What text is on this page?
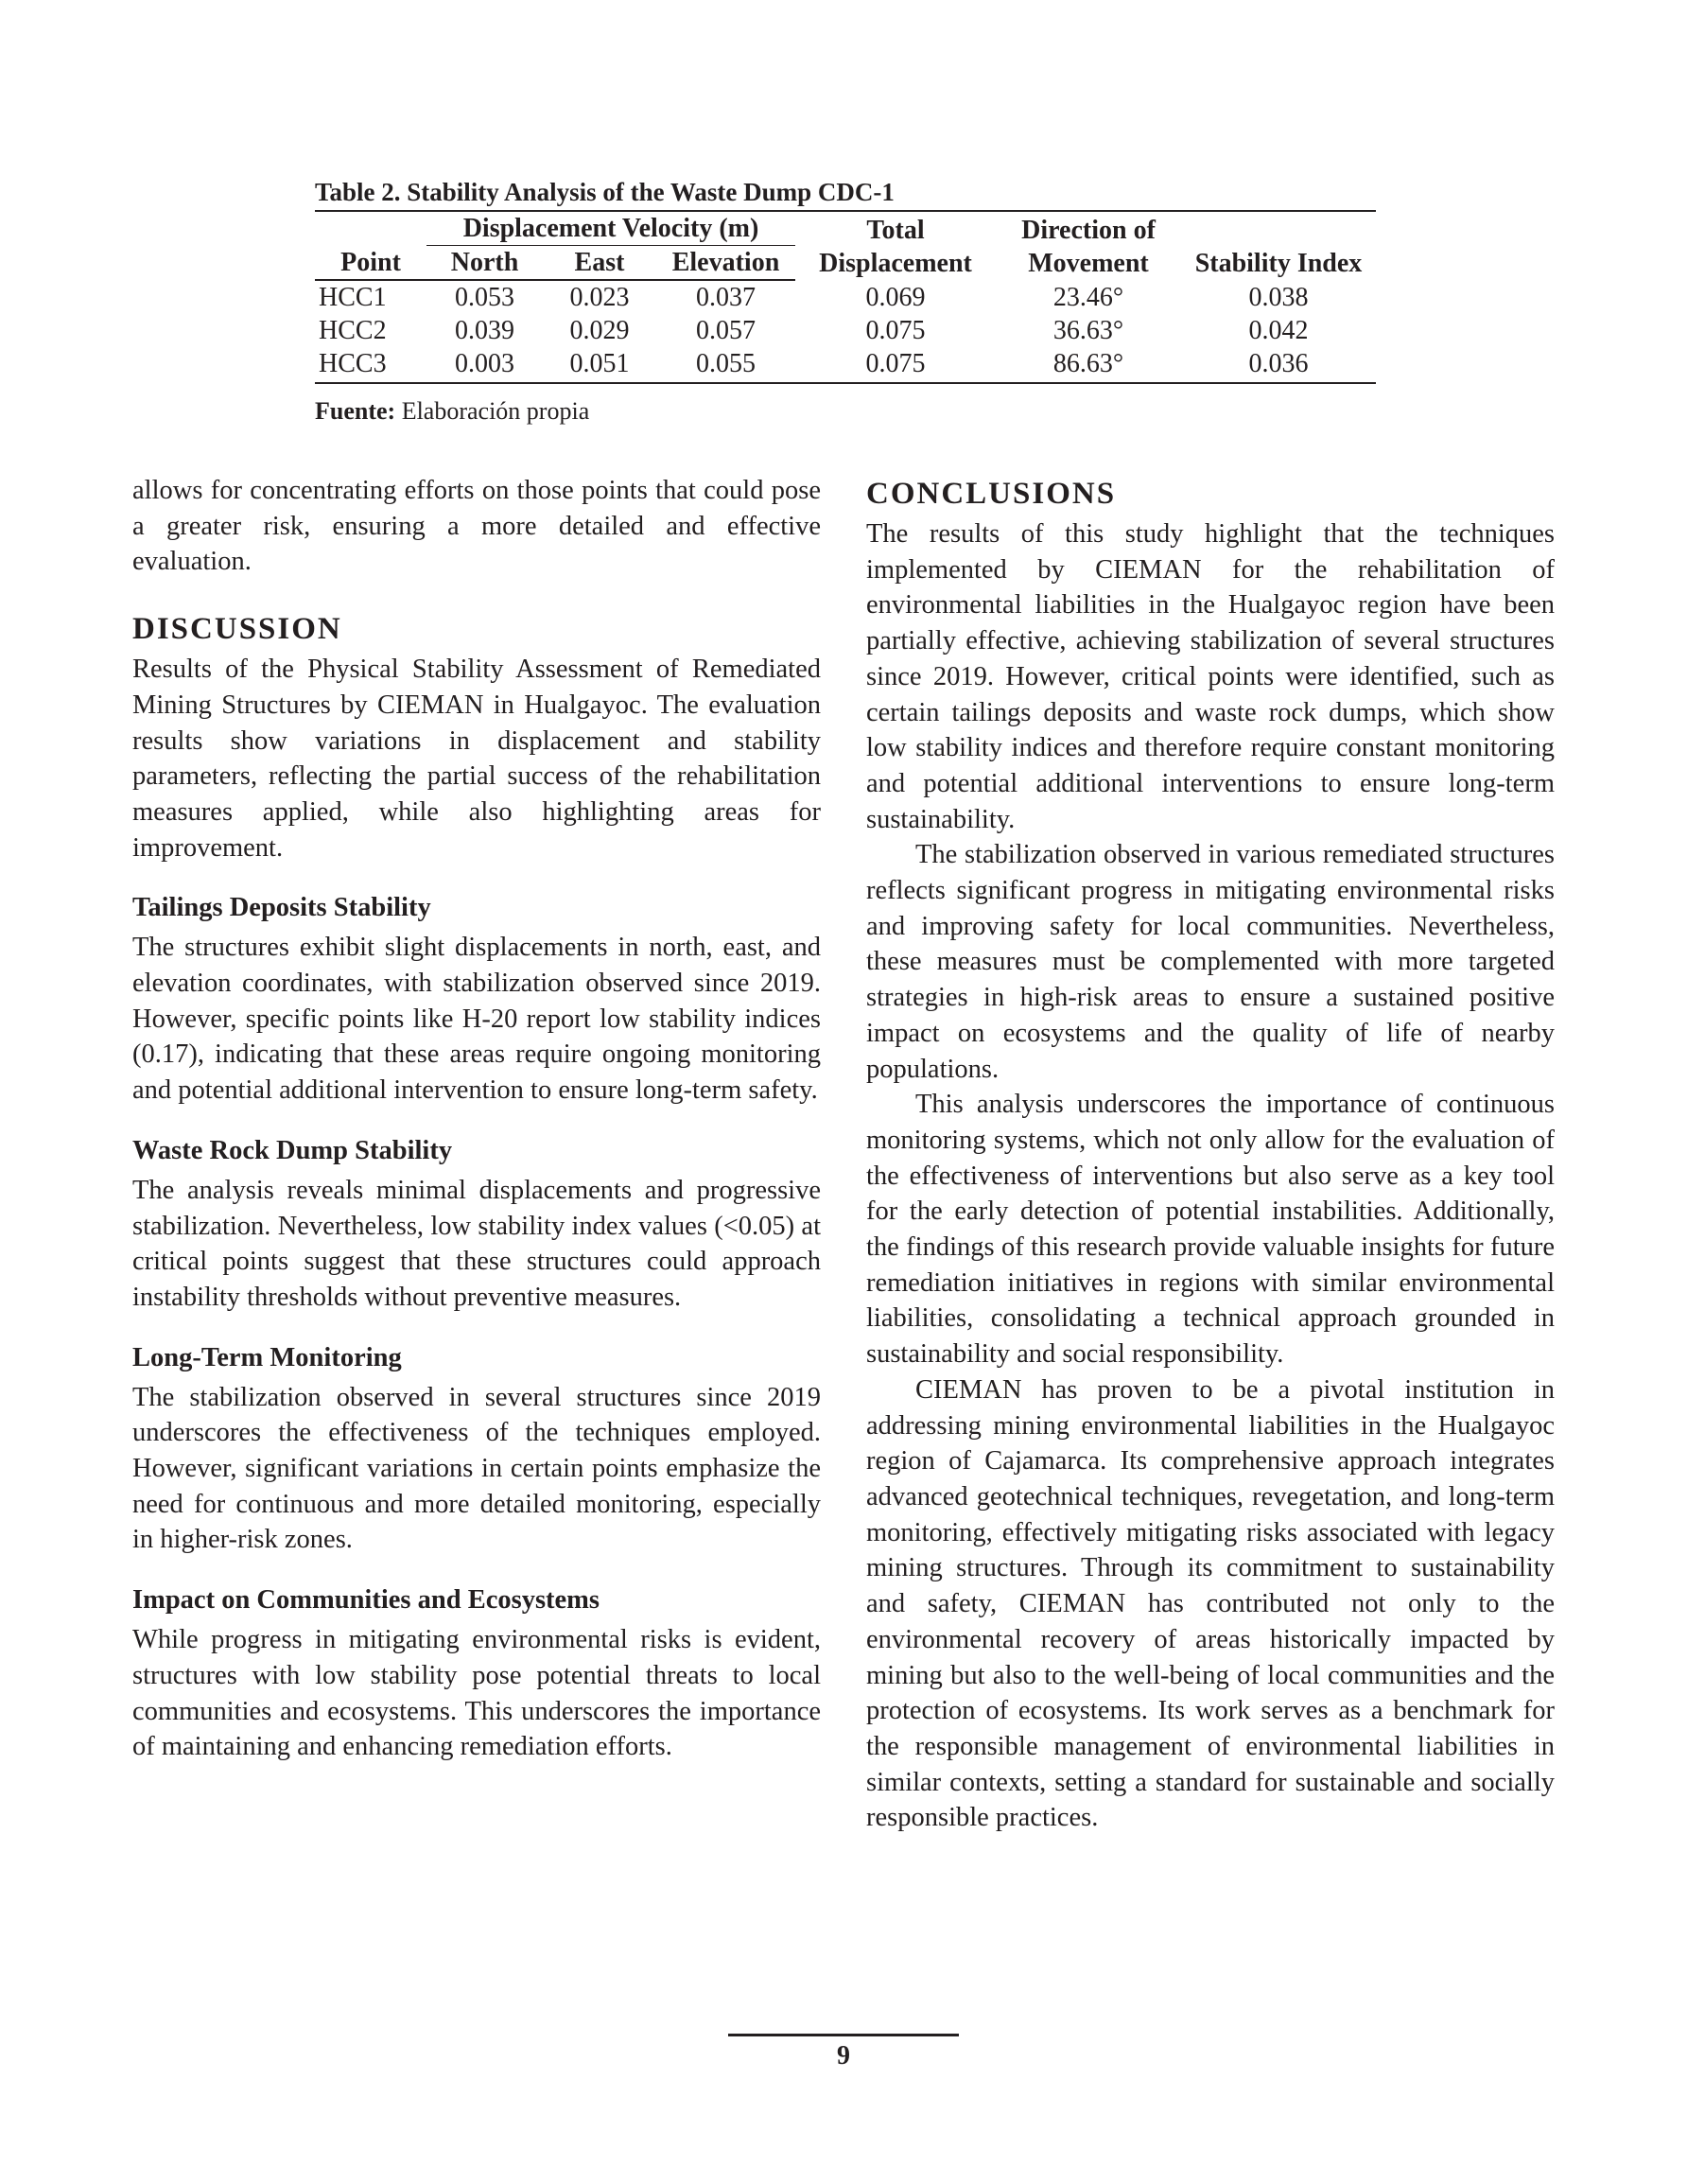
Table 2. Stability Analysis of the Waste Dump CDC-1
	Displacement Velocity (m)			Total Displacement	Direction of Movement	Stability Index
Point	North	East	Elevation			
HCC1	0.053	0.023	0.037	0.069	23.46°	0.038
HCC2	0.039	0.029	0.057	0.075	36.63°	0.042
HCC3	0.003	0.051	0.055	0.075	86.63°	0.036
Fuente: Elaboración propia

allows for concentrating efforts on those points that could pose a greater risk, ensuring a more detailed and effective evaluation.

DISCUSSION

Results of the Physical Stability Assessment of Remediated Mining Structures by CIEMAN in Hualgayoc. The evaluation results show variations in displacement and stability parameters, reflecting the partial success of the rehabilitation measures applied, while also highlighting areas for improvement.

Tailings Deposits Stability

The structures exhibit slight displacements in north, east, and elevation coordinates, with stabilization observed since 2019. However, specific points like H-20 report low stability indices (0.17), indicating that these areas require ongoing monitoring and potential additional intervention to ensure long-term safety.

Waste Rock Dump Stability

The analysis reveals minimal displacements and progressive stabilization. Nevertheless, low stability index values (<0.05) at critical points suggest that these structures could approach instability thresholds without preventive measures.

Long-Term Monitoring

The stabilization observed in several structures since 2019 underscores the effectiveness of the techniques employed. However, significant variations in certain points emphasize the need for continuous and more detailed monitoring, especially in higher-risk zones.

Impact on Communities and Ecosystems

While progress in mitigating environmental risks is evident, structures with low stability pose potential threats to local communities and ecosystems. This underscores the importance of maintaining and enhancing remediation efforts.

CONCLUSIONS

The results of this study highlight that the techniques implemented by CIEMAN for the rehabilitation of environmental liabilities in the Hualgayoc region have been partially effective, achieving stabilization of several structures since 2019. However, critical points were identified, such as certain tailings deposits and waste rock dumps, which show low stability indices and therefore require constant monitoring and potential additional interventions to ensure long-term sustainability.

The stabilization observed in various remediated structures reflects significant progress in mitigating environmental risks and improving safety for local communities. Nevertheless, these measures must be complemented with more targeted strategies in high-risk areas to ensure a sustained positive impact on ecosystems and the quality of life of nearby populations.

This analysis underscores the importance of continuous monitoring systems, which not only allow for the evaluation of the effectiveness of interventions but also serve as a key tool for the early detection of potential instabilities. Additionally, the findings of this research provide valuable insights for future remediation initiatives in regions with similar environmental liabilities, consolidating a technical approach grounded in sustainability and social responsibility.

CIEMAN has proven to be a pivotal institution in addressing mining environmental liabilities in the Hualgayoc region of Cajamarca. Its comprehensive approach integrates advanced geotechnical techniques, revegetation, and long-term monitoring, effectively mitigating risks associated with legacy mining structures. Through its commitment to sustainability and safety, CIEMAN has contributed not only to the environmental recovery of areas historically impacted by mining but also to the well-being of local communities and the protection of ecosystems. Its work serves as a benchmark for the responsible management of environmental liabilities in similar contexts, setting a standard for sustainable and socially responsible practices.

9
